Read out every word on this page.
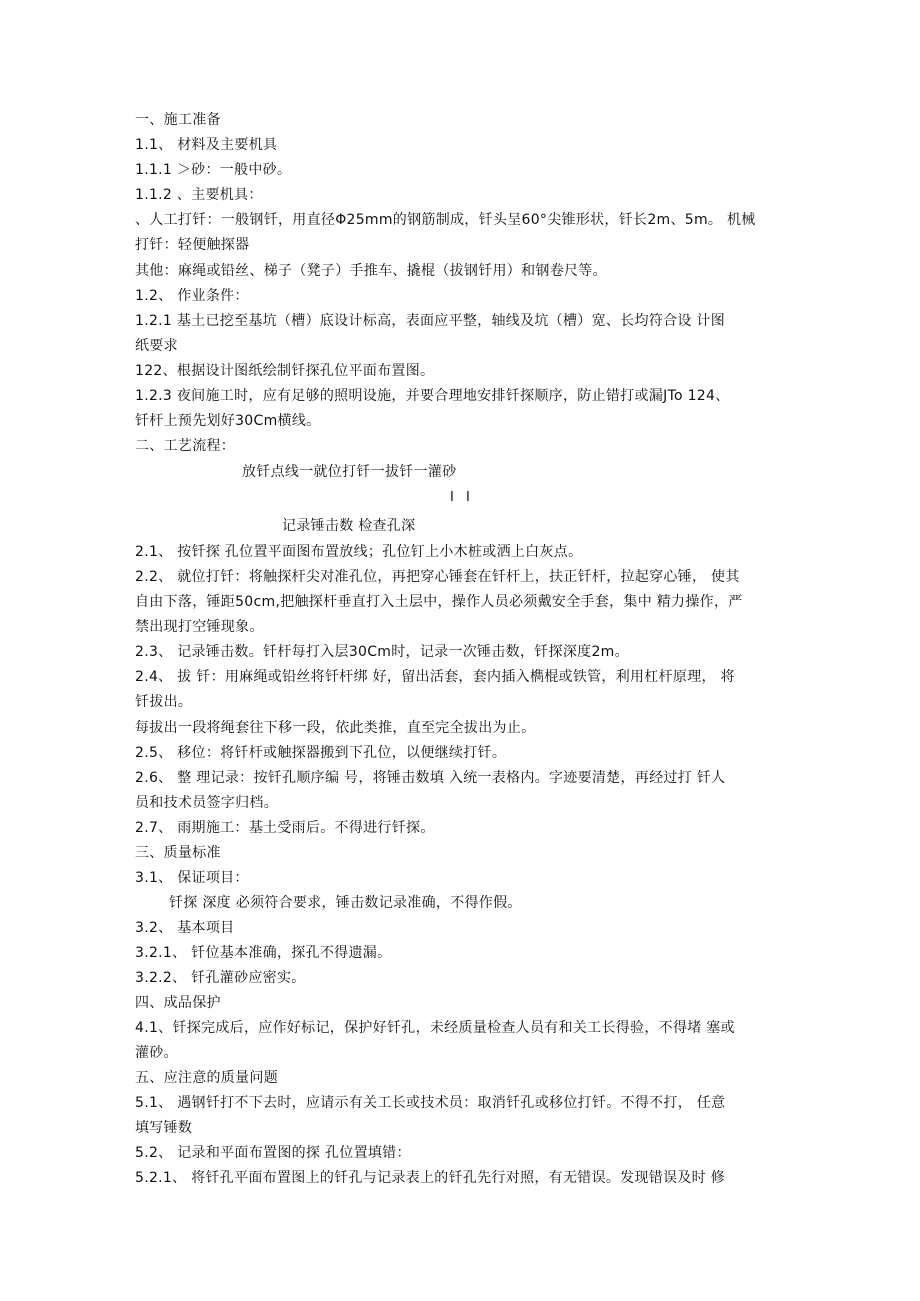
一、施工准备
1.1、 材料及主要机具
1.1.1 ＞砂：一般中砂。
1.1.2 、主要机具：
、人工打钎：一般钢钎，用直径Φ25mm的钢筋制成，钎头呈60°尖锥形状，钎长2m、5m。 机械
打钎：轻便触探器
其他：麻绳或铅丝、梯子（凳子）手推车、撬棍（拔钢钎用）和钢卷尺等。
1.2、 作业条件：
1.2.1 基土已挖至基坑（槽）底设计标高，表面应平整，轴线及坑（槽）宽、长均符合设 计图
纸要求
122、根据设计图纸绘制钎探孔位平面布置图。
1.2.3 夜间施工时，应有足够的照明设施，并要合理地安排钎探顺序，防止错打或漏JTo 124、
钎杆上预先划好30Cm横线。
二、工艺流程：
放钎点线一就位打钎一拔钎一灌砂
I I
记录锤击数 检查孔深
2.1、 按钎探 孔位置平面图布置放线；孔位钉上小木桩或洒上白灰点。
2.2、 就位打钎：将触探杆尖对准孔位，再把穿心锤套在钎杆上，扶正钎杆，拉起穿心锤， 使其
自由下落，锤距50cm,把触探杆垂直打入土层中，操作人员必须戴安全手套，集中 精力操作，严
禁出现打空锤现象。
2.3、 记录锤击数。钎杆每打入层30Cm时，记录一次锤击数，钎探深度2m。
2.4、 拔 钎：用麻绳或铅丝将钎杆绑 好，留出活套，套内插入檇棍或铁管，利用杠杆原理， 将
钎拔出。
每拔出一段将绳套往下移一段，依此类推，直至完全拔出为止。
2.5、 移位：将钎杆或触探器搬到下孔位，以便继续打钎。
2.6、 整 理记录：按钎孔顺序编 号，将锤击数填 入统一表格内。字迹要清楚，再经过打 钎人
员和技术员签字归档。
2.7、 雨期施工：基土受雨后。不得进行钎探。
三、质量标准
3.1、 保证项目：
钎探 深度 必须符合要求，锤击数记录准确，不得作假。
3.2、 基本项目
3.2.1、 钎位基本准确，探孔不得遗漏。
3.2.2、 钎孔灌砂应密实。
四、成品保护
4.1、钎探完成后，应作好标记，保护好钎孔，未经质量检查人员有和关工长得验，不得堵 塞或
灌砂。
五、应注意的质量问题
5.1、 遇钢钎打不下去时，应请示有关工长或技术员：取消钎孔或移位打钎。不得不打， 任意
填写锤数
5.2、 记录和平面布置图的探 孔位置填错：
5.2.1、 将钎孔平面布置图上的钎孔与记录表上的钎孔先行对照，有无错误。发现错误及时 修
